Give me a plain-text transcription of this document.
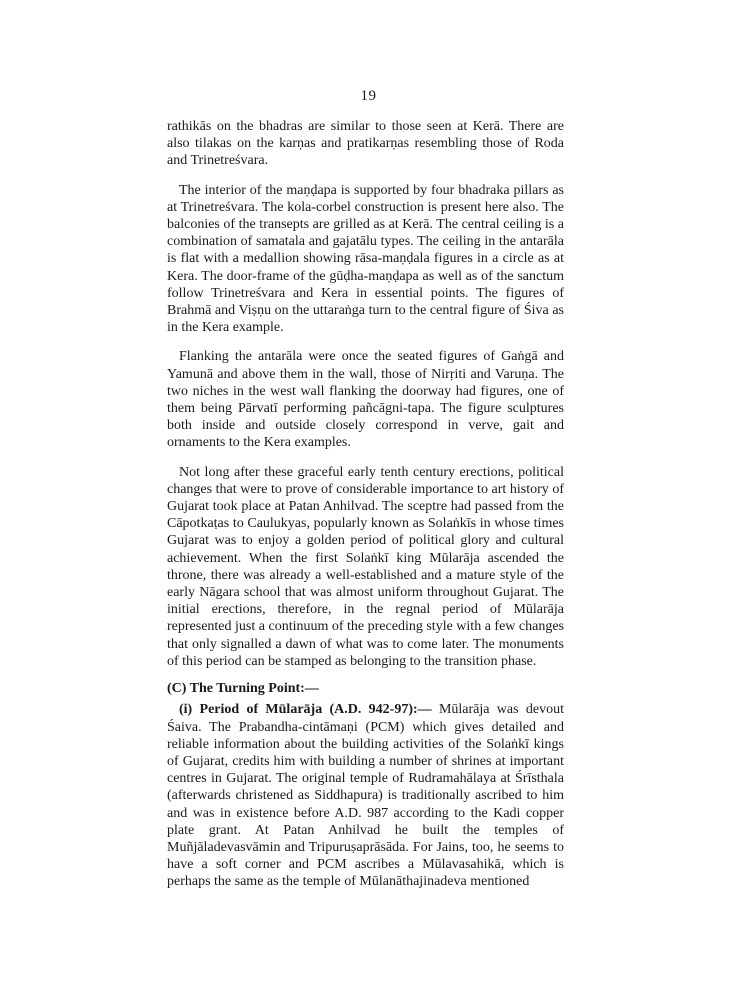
19

rathikās on the bhadras are similar to those seen at Kerā. There are also tilakas on the karṇas and pratikarṇas resembling those of Roda and Trinetreśvara.

The interior of the maṇḍapa is supported by four bhadraka pillars as at Trinetreśvara. The kola-corbel construction is present here also. The balconies of the transepts are grilled as at Kerā. The central ceiling is a combination of samatala and gajatālu types. The ceiling in the antarāla is flat with a medallion showing rāsa-maṇḍala figures in a circle as at Kera. The door-frame of the gūḍha-maṇḍapa as well as of the sanctum follow Trinetreśvara and Kera in essential points. The figures of Brahmā and Viṣṇu on the uttaraṅga turn to the central figure of Śiva as in the Kera example.

Flanking the antarāla were once the seated figures of Gaṅgā and Yamunā and above them in the wall, those of Nirṛiti and Varuṇa. The two niches in the west wall flanking the doorway had figures, one of them being Pārvatī performing pañcāgni-tapa. The figure sculptures both inside and outside closely correspond in verve, gait and ornaments to the Kera examples.

Not long after these graceful early tenth century erections, political changes that were to prove of considerable importance to art history of Gujarat took place at Patan Anhilvad. The sceptre had passed from the Cāpotkaṭas to Caulukyas, popularly known as Solaṅkīs in whose times Gujarat was to enjoy a golden period of political glory and cultural achievement. When the first Solaṅkī king Mūlarāja ascended the throne, there was already a well-established and a mature style of the early Nāgara school that was almost uniform throughout Gujarat. The initial erections, therefore, in the regnal period of Mūlarāja represented just a continuum of the preceding style with a few changes that only signalled a dawn of what was to come later. The monuments of this period can be stamped as belonging to the transition phase.

(C) The Turning Point:—

(i) Period of Mūlarāja (A.D. 942-97):— Mūlarāja was devout Śaiva. The Prabandha-cintāmaṇi (PCM) which gives detailed and reliable information about the building activities of the Solaṅkī kings of Gujarat, credits him with building a number of shrines at important centres in Gujarat. The original temple of Rudramahālaya at Śrīsthala (afterwards christened as Siddhapura) is traditionally ascribed to him and was in existence before A.D. 987 according to the Kadi copper plate grant. At Patan Anhilvad he built the temples of Muñjāladevasvāmin and Tripuruṣaprāsāda. For Jains, too, he seems to have a soft corner and PCM ascribes a Mūlavasahikā, which is perhaps the same as the temple of Mūlanāthajinadeva mentioned
